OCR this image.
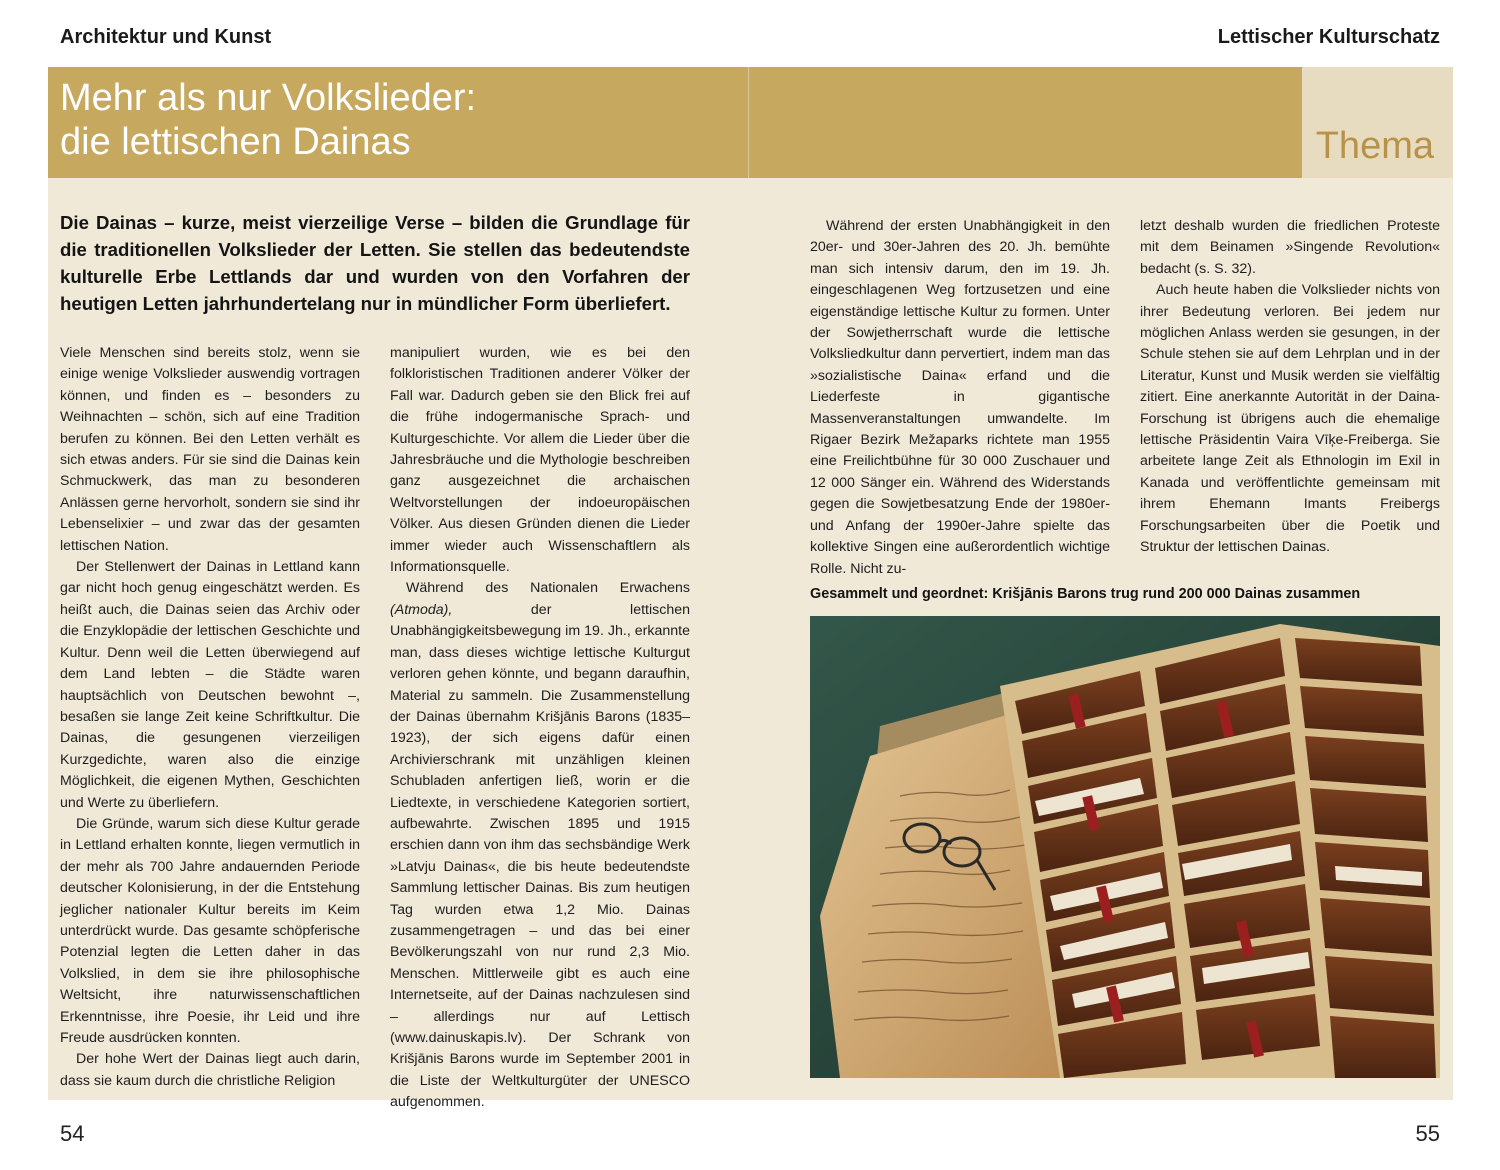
Architektur und Kunst	Lettischer Kulturschatz
Mehr als nur Volkslieder:
die lettischen Dainas	Thema
Die Dainas – kurze, meist vierzeilige Verse – bilden die Grundlage für die traditionellen Volkslieder der Letten. Sie stellen das bedeutendste kulturelle Erbe Lettlands dar und wurden von den Vorfahren der heutigen Letten jahrhundertelang nur in mündlicher Form überliefert.

Viele Menschen sind bereits stolz, wenn sie einige wenige Volkslieder auswendig vortragen können, und finden es – besonders zu Weihnachten – schön, sich auf eine Tradition berufen zu können. Bei den Letten verhält es sich etwas anders. Für sie sind die Dainas kein Schmuckwerk, das man zu besonderen Anlässen gerne hervorholt, sondern sie sind ihr Lebenselixier – und zwar das der gesamten lettischen Nation.

Der Stellenwert der Dainas in Lettland kann gar nicht hoch genug eingeschätzt werden. Es heißt auch, die Dainas seien das Archiv oder die Enzyklopädie der lettischen Geschichte und Kultur. Denn weil die Letten überwiegend auf dem Land lebten – die Städte waren hauptsächlich von Deutschen bewohnt –, besaßen sie lange Zeit keine Schriftkultur. Die Dainas, die gesungenen vierzeiligen Kurzgedichte, waren also die einzige Möglichkeit, die eigenen Mythen, Geschichten und Werte zu überliefern.

Die Gründe, warum sich diese Kultur gerade in Lettland erhalten konnte, liegen vermutlich in der mehr als 700 Jahre andauernden Periode deutscher Kolonisierung, in der die Entstehung jeglicher nationaler Kultur bereits im Keim unterdrückt wurde. Das gesamte schöpferische Potenzial legten die Letten daher in das Volkslied, in dem sie ihre philosophische Weltsicht, ihre naturwissenschaftlichen Erkenntnisse, ihre Poesie, ihr Leid und ihre Freude ausdrücken konnten.

Der hohe Wert der Dainas liegt auch darin, dass sie kaum durch die christliche Religion

manipuliert wurden, wie es bei den folkloristischen Traditionen anderer Völker der Fall war. Dadurch geben sie den Blick frei auf die frühe indogermanische Sprach- und Kulturgeschichte. Vor allem die Lieder über die Jahresbräuche und die Mythologie beschreiben ganz ausgezeichnet die archaischen Weltvorstellungen der indoeuropäischen Völker. Aus diesen Gründen dienen die Lieder immer wieder auch Wissenschaftlern als Informationsquelle.

Während des Nationalen Erwachens (Atmoda),	der lettischen Unabhängigkeitsbewegung im 19. Jh., erkannte man, dass dieses wichtige lettische Kulturgut verloren gehen könnte, und begann daraufhin, Material zu sammeln. Die Zusammenstellung der Dainas übernahm Krišjānis Barons (1835–1923), der sich eigens dafür einen Archivierschrank mit unzähligen kleinen Schubladen anfertigen ließ, worin er die Liedtexte, in verschiedene Kategorien sortiert, aufbewahrte. Zwischen 1895 und 1915 erschien dann von ihm das sechsbändige Werk »Latvju Dainas«, die bis heute bedeutendste Sammlung lettischer Dainas. Bis zum heutigen Tag wurden etwa 1,2 Mio. Dainas zusammengetragen – und das bei einer Bevölkerungszahl von nur rund 2,3 Mio. Menschen. Mittlerweile gibt es auch eine Internetseite, auf der Dainas nachzulesen sind – allerdings nur auf Lettisch (www.dainuskapis.lv). Der Schrank von Krišjānis Barons wurde im September 2001 in die Liste der Weltkulturgüter der UNESCO aufgenommen.

Während der ersten Unabhängigkeit in den 20er- und 30er-Jahren des 20. Jh. bemühte man sich intensiv darum, den im 19. Jh. eingeschlagenen Weg fortzusetzen und eine eigenständige lettische Kultur zu formen. Unter der Sowjetherrschaft wurde die lettische Volksliedkultur dann pervertiert, indem man das »sozialistische Daina« erfand und die Liederfeste in gigantische Massenveranstaltungen umwandelte. Im Rigaer Bezirk Mežaparks richtete man 1955 eine Freilichtbühne für 30 000 Zuschauer und 12 000 Sänger ein. Während des Widerstands gegen die Sowjetbesatzung Ende der 1980er- und Anfang der 1990er-Jahre spielte das kollektive Singen eine außerordentlich wichtige Rolle. Nicht zu-

letzt deshalb wurden die friedlichen Proteste mit dem Beinamen »Singende Revolution« bedacht (s. S. 32).

Auch heute haben die Volkslieder nichts von ihrer Bedeutung verloren. Bei jedem nur möglichen Anlass werden sie gesungen, in der Schule stehen sie auf dem Lehrplan und in der Literatur, Kunst und Musik werden sie vielfältig zitiert. Eine anerkannte Autorität in der Daina-Forschung ist übrigens auch die ehemalige lettische Präsidentin Vaira Vīķe-Freiberga. Sie arbeitete lange Zeit als Ethnologin im Exil in Kanada und veröffentlichte gemeinsam mit ihrem Ehemann Imants Freibergs Forschungsarbeiten über die Poetik und Struktur der lettischen Dainas.

Gesammelt und geordnet: Krišjānis Barons trug rund 200 000 Dainas zusammen
54	55
